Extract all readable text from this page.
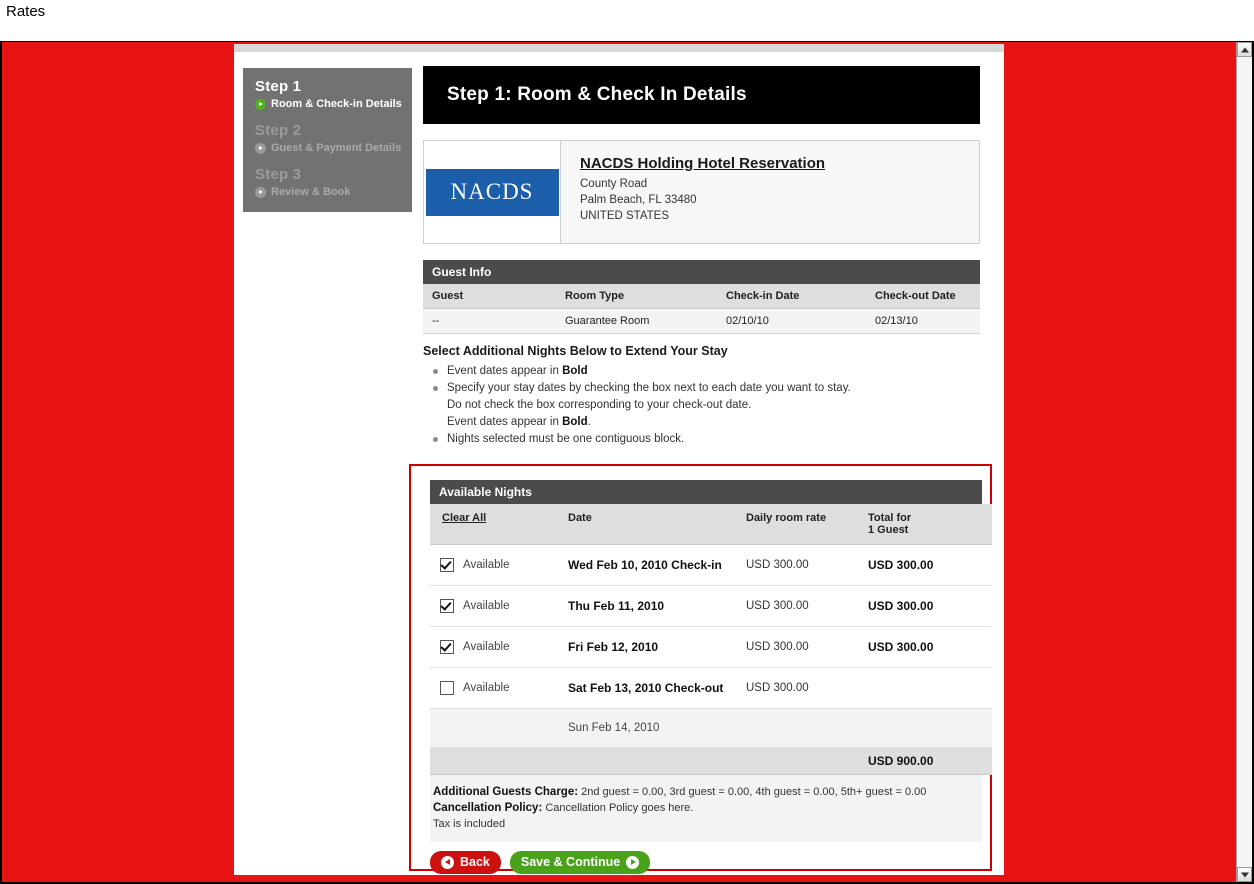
Rates
Step 1
Room & Check-in Details
Step 2
Guest & Payment Details
Step 3
Review & Book
Step 1: Room & Check In Details
NACDS
NACDS Holding Hotel Reservation
County Road
Palm Beach, FL 33480
UNITED STATES
Guest Info
Guest	Room Type	Check-in Date	Check-out Date
--	Guarantee Room	02/10/10	02/13/10
Select Additional Nights Below to Extend Your Stay
Event dates appear in Bold
Specify your stay dates by checking the box next to each date you want to stay.
Do not check the box corresponding to your check-out date.
Event dates appear in Bold.
Nights selected must be one contiguous block.
Available Nights
Clear All	Date	Daily room rate	Total for
1 Guest
Available	Wed Feb 10, 2010 Check-in	USD 300.00	USD 300.00
Available	Thu Feb 11, 2010	USD 300.00	USD 300.00
Available	Fri Feb 12, 2010	USD 300.00	USD 300.00
Available	Sat Feb 13, 2010 Check-out	USD 300.00	
	Sun Feb 14, 2010		
			USD 900.00
Additional Guests Charge: 2nd guest = 0.00, 3rd guest = 0.00, 4th guest = 0.00, 5th+ guest = 0.00
Cancellation Policy: Cancellation Policy goes here.
Tax is included
Back Save & Continue
